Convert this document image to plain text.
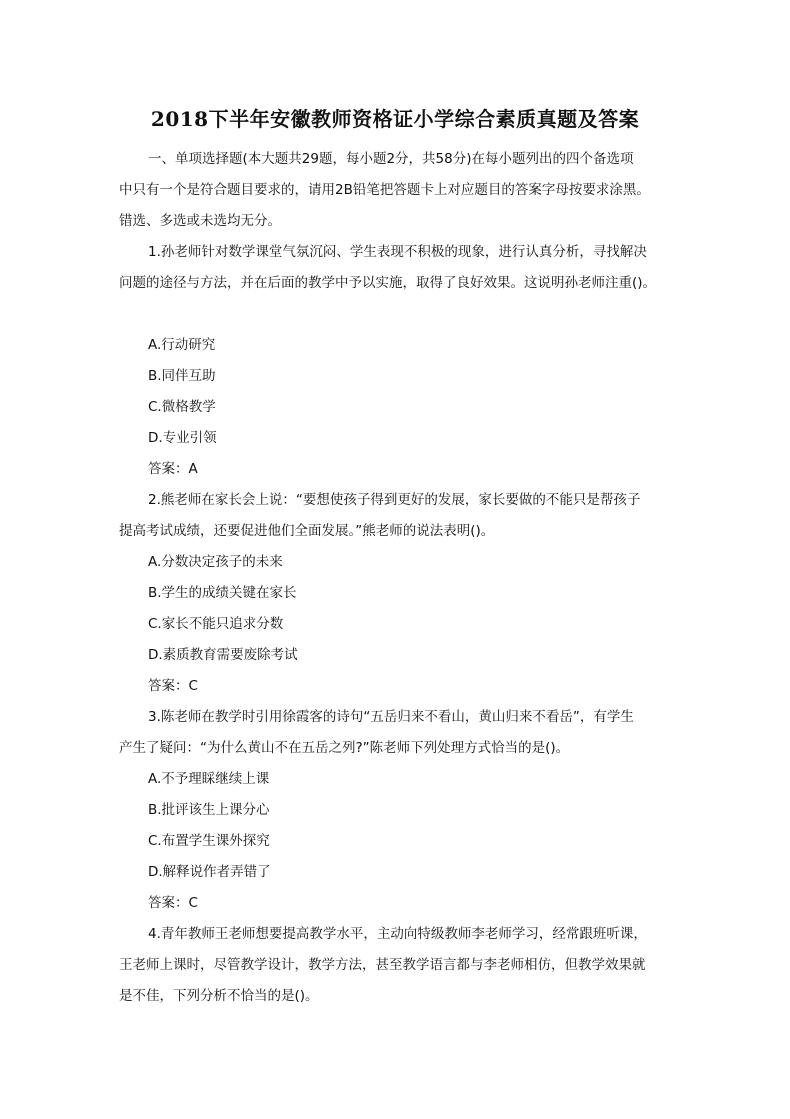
2018下半年安徽教师资格证小学综合素质真题及答案
一、单项选择题(本大题共29题，每小题2分，共58分)在每小题列出的四个备选项
中只有一个是符合题目要求的，请用2B铅笔把答题卡上对应题目的答案字母按要求涂黑。
错选、多选或未选均无分。
1.孙老师针对数学课堂气氛沉闷、学生表现不积极的现象，进行认真分析，寻找解决
问题的途径与方法，并在后面的教学中予以实施，取得了良好效果。这说明孙老师注重()。
A.行动研究
B.同伴互助
C.微格教学
D.专业引领
答案：A
2.熊老师在家长会上说：“要想使孩子得到更好的发展，家长要做的不能只是帮孩子
提高考试成绩，还要促进他们全面发展。”熊老师的说法表明()。
A.分数决定孩子的未来
B.学生的成绩关键在家长
C.家长不能只追求分数
D.素质教育需要废除考试
答案：C
3.陈老师在教学时引用徐霞客的诗句“五岳归来不看山，黄山归来不看岳”，有学生
产生了疑问：“为什么黄山不在五岳之列?”陈老师下列处理方式恰当的是()。
A.不予理睬继续上课
B.批评该生上课分心
C.布置学生课外探究
D.解释说作者弄错了
答案：C
4.青年教师王老师想要提高教学水平，主动向特级教师李老师学习，经常跟班听课，
王老师上课时，尽管教学设计，教学方法，甚至教学语言都与李老师相仿，但教学效果就
是不佳，下列分析不恰当的是()。
